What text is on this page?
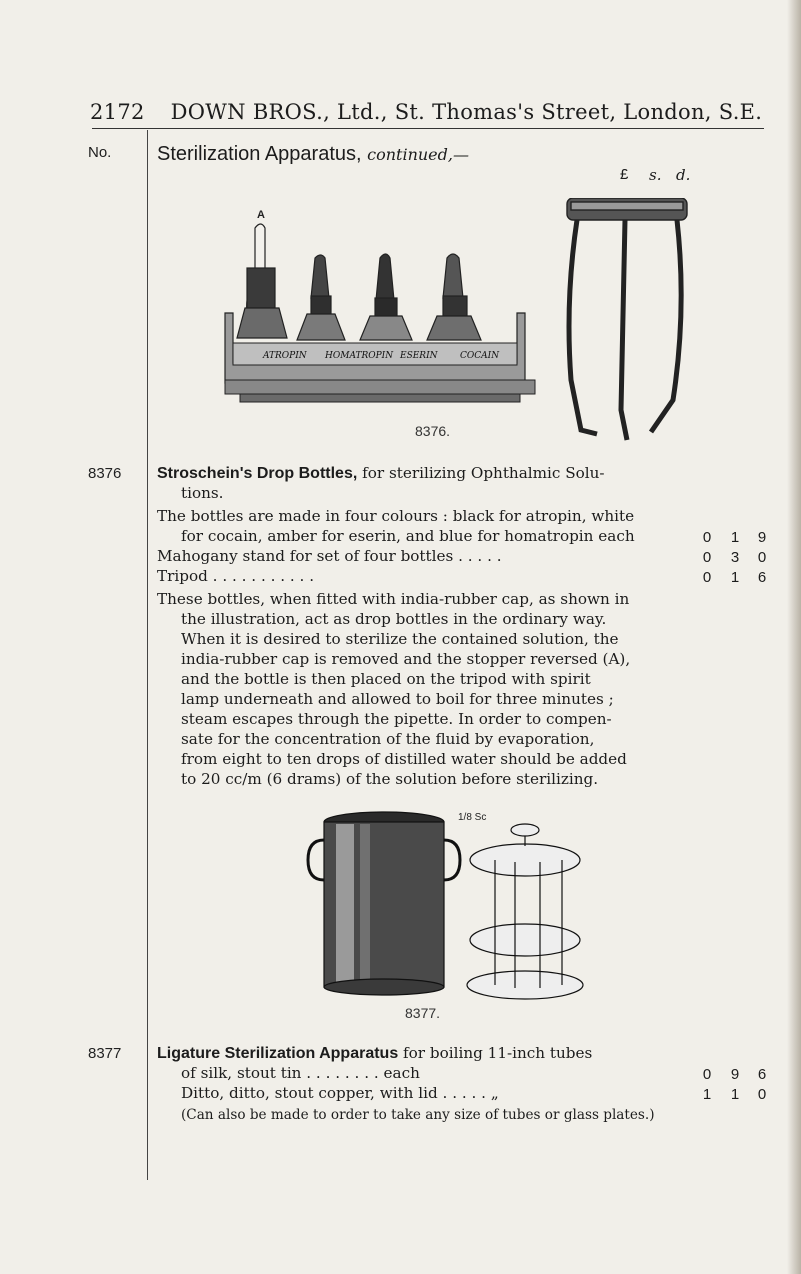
2172 DOWN BROS., Ltd., St. Thomas's Street, London, S.E.
No. Sterilization Apparatus, continued,—
£ s. d.
A
ATROPIN HOMATROPIN ESERIN COCAIN
8376.
8376 Stroschein's Drop Bottles, for sterilizing Ophthalmic Solu-
tions.
The bottles are made in four colours : black for atropin, white
for cocain, amber for eserin, and blue for homatropin each
Mahogany stand for set of four bottles . . . . .
Tripod . . . . . . . . . . .
These bottles, when fitted with india-rubber cap, as shown in
the illustration, act as drop bottles in the ordinary way.
When it is desired to sterilize the contained solution, the
india-rubber cap is removed and the stopper reversed (A),
and the bottle is then placed on the tripod with spirit
lamp underneath and allowed to boil for three minutes ;
steam escapes through the pipette. In order to compen-
sate for the concentration of the fluid by evaporation,
from eight to ten drops of distilled water should be added
to 20 cc/m (6 drams) of the solution before sterilizing.
0 1 9
0 3 0
0 1 6
1/8 Sc
8377.
8377 Ligature Sterilization Apparatus for boiling 11-inch tubes
of silk, stout tin . . . . . . . . each
Ditto, ditto, stout copper, with lid . . . . . „
(Can also be made to order to take any size of tubes or glass plates.)
0 9 6
1 1 0
